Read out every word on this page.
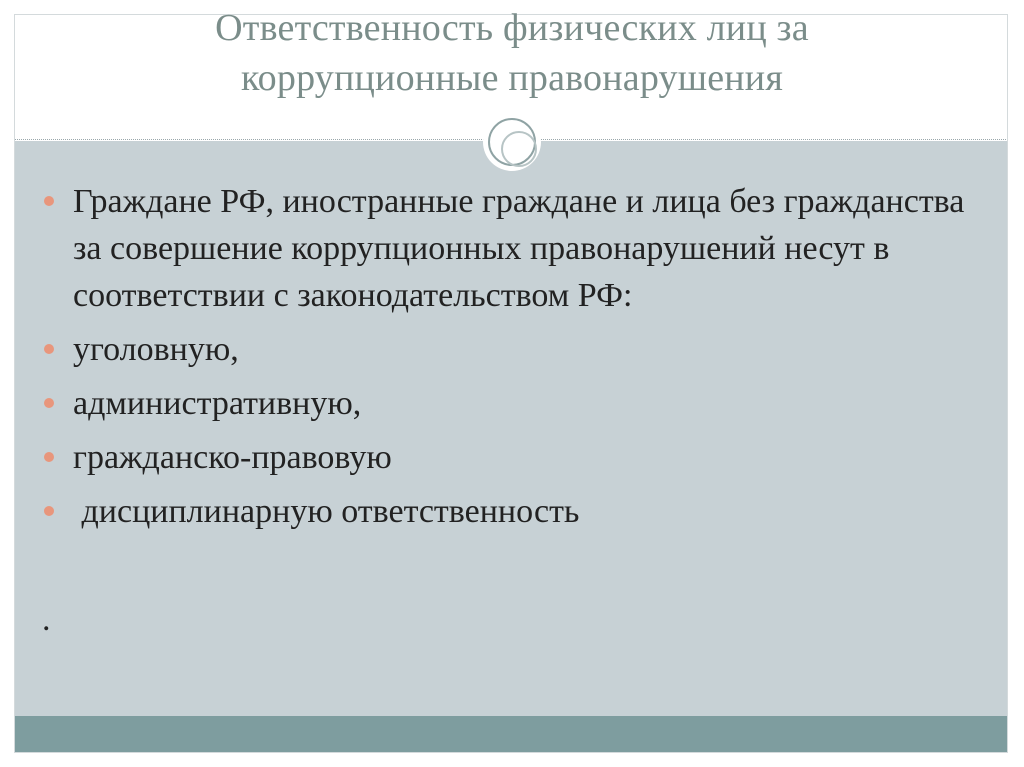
Ответственность физических лиц за
коррупционные правонарушения
Граждане РФ, иностранные граждане и лица без гражданства за совершение коррупционных правонарушений несут в соответствии с законодательством РФ:
уголовную,
административную,
гражданско-правовую
дисциплинарную ответственность
.
